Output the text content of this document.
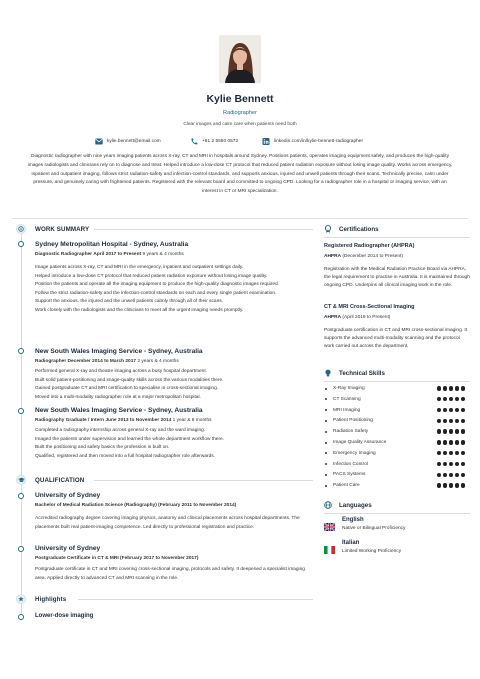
Kylie Bennett
Radiographer
Clear images and calm care when patients need both
kylie.bennett@email.com	+61 2 5550 0572	linkedin.com/in/kylie-bennett-radiographer
Diagnostic radiographer with nine years imaging patients across X-ray, CT and MRI in hospitals around Sydney. Positions patients, operates imaging equipment safely, and produces the high-quality images radiologists and clinicians rely on to diagnose and treat. Helped introduce a low-dose CT protocol that reduced patient radiation exposure without losing image quality. Works across emergency, inpatient and outpatient imaging, follows strict radiation-safety and infection-control standards, and supports anxious, injured and unwell patients through their scans. Technically precise, calm under pressure, and genuinely caring with frightened patients. Registered with the relevant board and committed to ongoing CPD. Looking for a radiographer role in a hospital or imaging service, with an interest in CT or MRI specialization.
WORK SUMMARY
Sydney Metropolitan Hospital - Sydney, Australia
Diagnostic Radiographer April 2017 to Present 9 years & 4 months
Image patients across X-ray, CT and MRI in the emergency, inpatient and outpatient settings daily.
Helped introduce a low-dose CT protocol that reduced patient radiation exposure without losing image quality.
Position the patients and operate all the imaging equipment to produce the high-quality diagnostic images required.
Follow the strict radiation-safety and the infection-control standards on each and every single patient examination.
Support the anxious, the injured and the unwell patients calmly through all of their scans.
Work closely with the radiologists and the clinicians to meet all the urgent imaging needs promptly.
New South Wales Imaging Service - Sydney, Australia
Radiographer December 2014 to March 2017 2 years & 4 months
Performed general X-ray and theatre imaging across a busy hospital department.
Built solid patient-positioning and image-quality skills across the various modalities there.
Gained postgraduate CT and MRI certification to specialise in cross-sectional imaging.
Moved into a multi-modality radiographer role at a major metropolitan hospital.
New South Wales Imaging Service - Sydney, Australia
Radiography Graduate / Intern June 2013 to November 2014 1 year & 6 months
Completed a radiography internship across general X-ray and the ward imaging.
Imaged the patients under supervision and learned the whole department workflow there.
Built the positioning and safety basics the profession is built on.
Qualified, registered and then moved into a full hospital radiographer role afterwards.
QUALIFICATION
University of Sydney
Bachelor of Medical Radiation Science (Radiography) (February 2011 to November 2014)
Accredited radiography degree covering imaging physics, anatomy and clinical placements across hospital departments. The placements built real patient-imaging competence. Led directly to professional registration and practice.
University of Sydney
Postgraduate Certificate in CT & MRI (February 2017 to November 2017)
Postgraduate certificate in CT and MRI covering cross-sectional imaging, protocols and safety. It deepened a specialist imaging area. Applied directly to advanced CT and MRI scanning in the role.
Highlights
Lower-dose imaging
Certifications
Registered Radiographer (AHPRA)
AHPRA (December 2014 to Present)
Registration with the Medical Radiation Practice Board via AHPRA, the legal requirement to practise in Australia. It is maintained through ongoing CPD. Underpins all clinical imaging work in the role.
CT & MRI Cross-Sectional Imaging
AHPRA (April 2019 to Present)
Postgraduate certification in CT and MRI cross-sectional imaging. It supports the advanced multi-modality scanning and the protocol work carried out across the department.
Technical Skills
X-Ray Imaging
CT Scanning
MRI Imaging
Patient Positioning
Radiation Safety
Image Quality Assurance
Emergency Imaging
Infection Control
PACS Systems
Patient Care
Languages
English
Native or Bilingual Proficiency
Italian
Limited Working Proficiency
